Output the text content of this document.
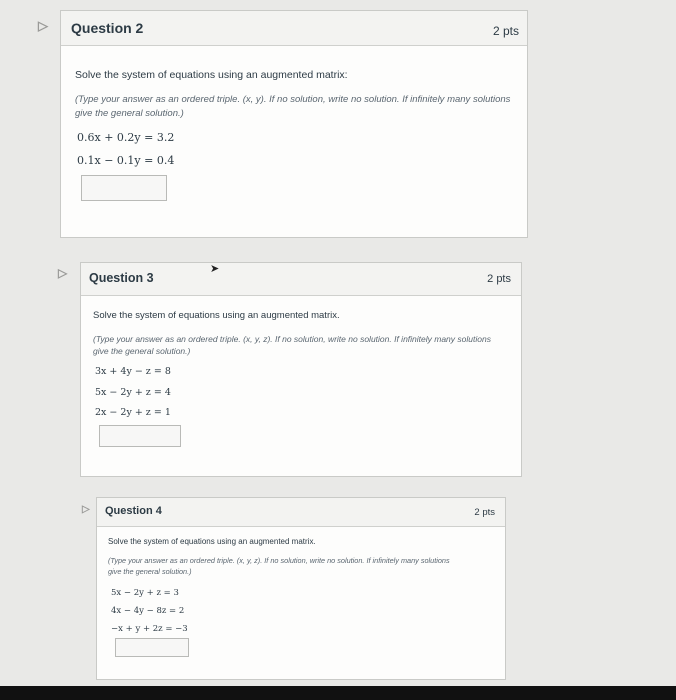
Question 2	2 pts
Solve the system of equations using an augmented matrix:
(Type your answer as an ordered triple. (x, y). If no solution, write no solution. If infinitely many solutions
give the general solution.)
0.6x + 0.2y = 3.2
0.1x − 0.1y = 0.4
▷
Question 3	2 pts
Solve the system of equations using an augmented matrix.
(Type your answer as an ordered triple. (x, y, z). If no solution, write no solution. If infinitely many solutions
give the general solution.)
3x + 4y − z = 8
5x − 2y + z = 4
2x − 2y + z = 1
▷	➤
Question 4	2 pts
Solve the system of equations using an augmented matrix.
(Type your answer as an ordered triple. (x, y, z). If no solution, write no solution. If infinitely many solutions
give the general solution.)
5x − 2y + z = 3
4x − 4y − 8z = 2
−x + y + 2z = −3
▷
